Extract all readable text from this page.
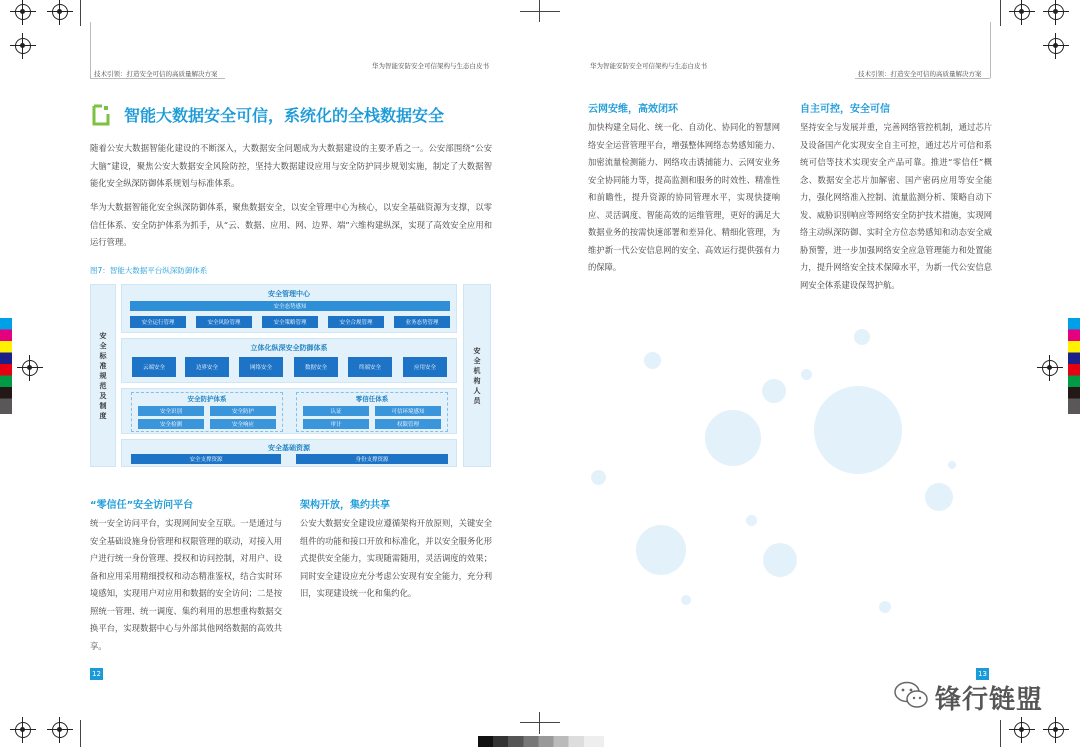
技术引领：打造安全可信的高质量解决方案
华为智能安防安全可信架构与生态白皮书	华为智能安防安全可信架构与生态白皮书
技术引领：打造安全可信的高质量解决方案
智能大数据安全可信，系统化的全栈数据安全
随着公安大数据智能化建设的不断深入，大数据安全问题成为大数据建设的主要矛盾之一。公安部围绕“公安大脑”建设，聚焦公安大数据安全风险防控，坚持大数据建设应用与安全防护同步规划实施，制定了大数据智能化安全纵深防御体系规划与标准体系。
华为大数据智能化安全纵深防御体系，聚焦数据安全，以安全管理中心为核心，以安全基础资源为支撑，以零信任体系、安全防护体系为抓手，从“云、数据、应用、网、边界、端”六维构建纵深，实现了高效安全应用和运行管理。
图7：智能大数据平台纵深防御体系
安全标准规范及制度
安全机构人员
安全管理中心
安全态势感知
安全运行管理	安全风险管理	安全策略管理	安全合规管理	业务态势管理
立体化纵深安全防御体系
云端安全	边界安全	网络安全	数据安全	终端安全	应用安全
安全防护体系
安全识别	安全防护
安全检测	安全响应
零信任体系
认证	可信环境感知
审计	权限管理
安全基础资源
安全支撑资源	身份支撑资源
“零信任”安全访问平台
统一安全访问平台，实现网间安全互联。一是通过与安全基础设施身份管理和权限管理的联动，对接入用户进行统一身份管理、授权和访问控制，对用户、设备和应用采用精细授权和动态精准鉴权，结合实时环境感知，实现用户对应用和数据的安全访问；二是按照统一管理、统一调度、集约利用的思想重构数据交换平台，实现数据中心与外部其他网络数据的高效共享。
架构开放，集约共享
公安大数据安全建设应遵循架构开放原则，关键安全组件的功能和接口开放和标准化，并以安全服务化形式提供安全能力，实现随需随用，灵活调度的效果；同时安全建设应充分考虑公安现有安全能力，充分利旧，实现建设统一化和集约化。
12
云网安维，高效闭环
加快构建全局化、统一化、自动化、协同化的智慧网络安全运营管理平台，增强整体网络态势感知能力、加密流量检测能力、网络攻击诱捕能力、云网安业务安全协同能力等，提高监测和服务的时效性、精准性和前瞻性，提升资源的协同管理水平，实现快捷响应、灵活调度、智能高效的运维管理，更好的满足大数据业务的按需快速部署和差异化、精细化管理，为维护新一代公安信息网的安全、高效运行提供强有力的保障。
自主可控，安全可信
坚持安全与发展并重，完善网络管控机制，通过芯片及设备国产化实现安全自主可控，通过芯片可信和系统可信等技术实现安全产品可靠。推进“零信任”概念、数据安全芯片加解密、国产密码应用等安全能力，强化网络准入控制、流量监测分析、策略自动下发、威胁识别响应等网络安全防护技术措施，实现网络主动纵深防御、实时全方位态势感知和动态安全威胁预警，进一步加强网络安全应急管理能力和处置能力，提升网络安全技术保障水平，为新一代公安信息网安全体系建设保驾护航。
13
锋行链盟
